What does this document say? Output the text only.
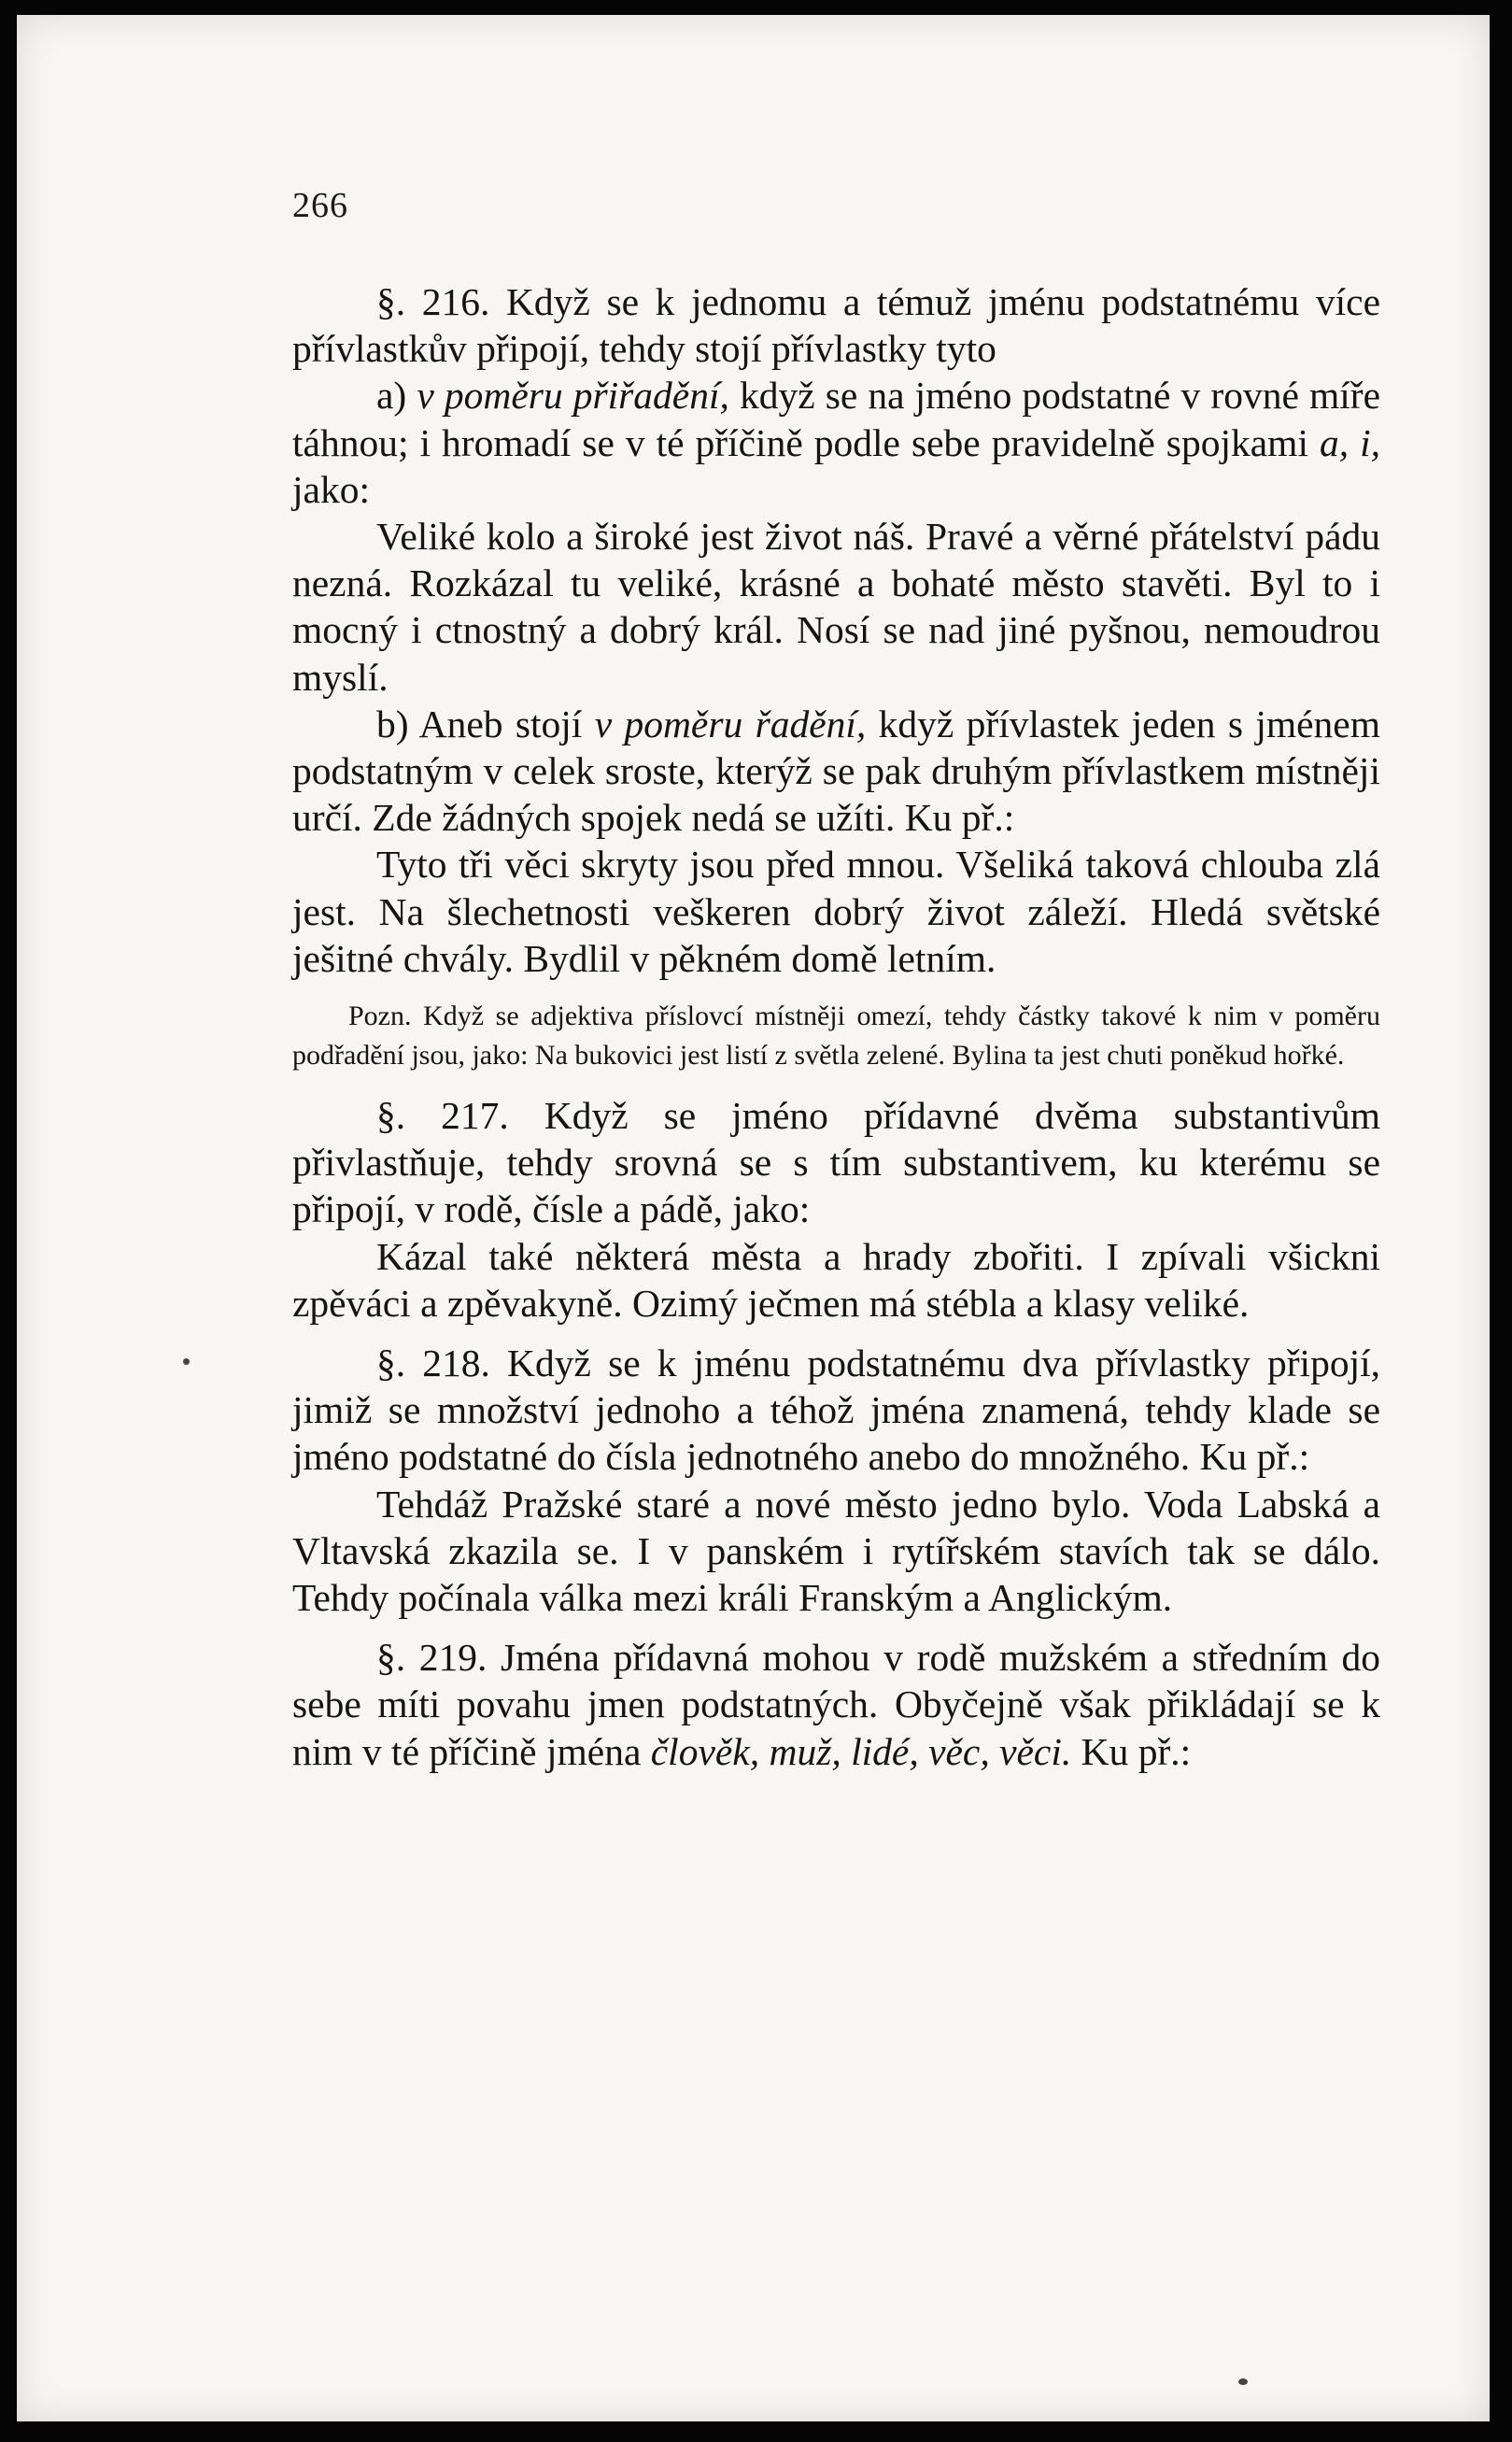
266

§. 216. Když se k jednomu a témuž jménu podstatnému více přívlastkův připojí, tehdy stojí přívlastky tyto

a) v poměru přiřadění, když se na jméno podstatné v rovné míře táhnou; i hromadí se v té příčině podle sebe pravidelně spojkami a, i, jako:

Veliké kolo a široké jest život náš. Pravé a věrné přátelství pádu nezná. Rozkázal tu veliké, krásné a bohaté město stavěti. Byl to i mocný i ctnostný a dobrý král. Nosí se nad jiné pyšnou, nemoudrou myslí.

b) Aneb stojí v poměru řadění, když přívlastek jeden s jménem podstatným v celek sroste, kterýž se pak druhým přívlastkem místněji určí. Zde žádných spojek nedá se užíti. Ku př.:

Tyto tři věci skryty jsou před mnou. Všeliká taková chlouba zlá jest. Na šlechetnosti veškeren dobrý život záleží. Hledá světské ješitné chvály. Bydlil v pěkném domě letním.

Pozn. Když se adjektiva příslovcí místněji omezí, tehdy částky takové k nim v poměru podřadění jsou, jako: Na bukovici jest listí z světla zelené. Bylina ta jest chuti poněkud hořké.

§. 217. Když se jméno přídavné dvěma substantivům přivlastňuje, tehdy srovná se s tím substantivem, ku kterému se připojí, v rodě, čísle a pádě, jako:

Kázal také některá města a hrady zbořiti. I zpívali všickni zpěváci a zpěvakyně. Ozimý ječmen má stébla a klasy veliké.

§. 218. Když se k jménu podstatnému dva přívlastky připojí, jimiž se množství jednoho a téhož jména znamená, tehdy klade se jméno podstatné do čísla jednotného anebo do množného. Ku př.:

Tehdáž Pražské staré a nové město jedno bylo. Voda Labská a Vltavská zkazila se. I v panském i rytířském stavích tak se dálo. Tehdy počínala válka mezi králi Franským a Anglickým.

§. 219. Jména přídavná mohou v rodě mužském a středním do sebe míti povahu jmen podstatných. Obyčejně však přikládají se k nim v té příčině jména člověk, muž, lidé, věc, věci. Ku př.:
